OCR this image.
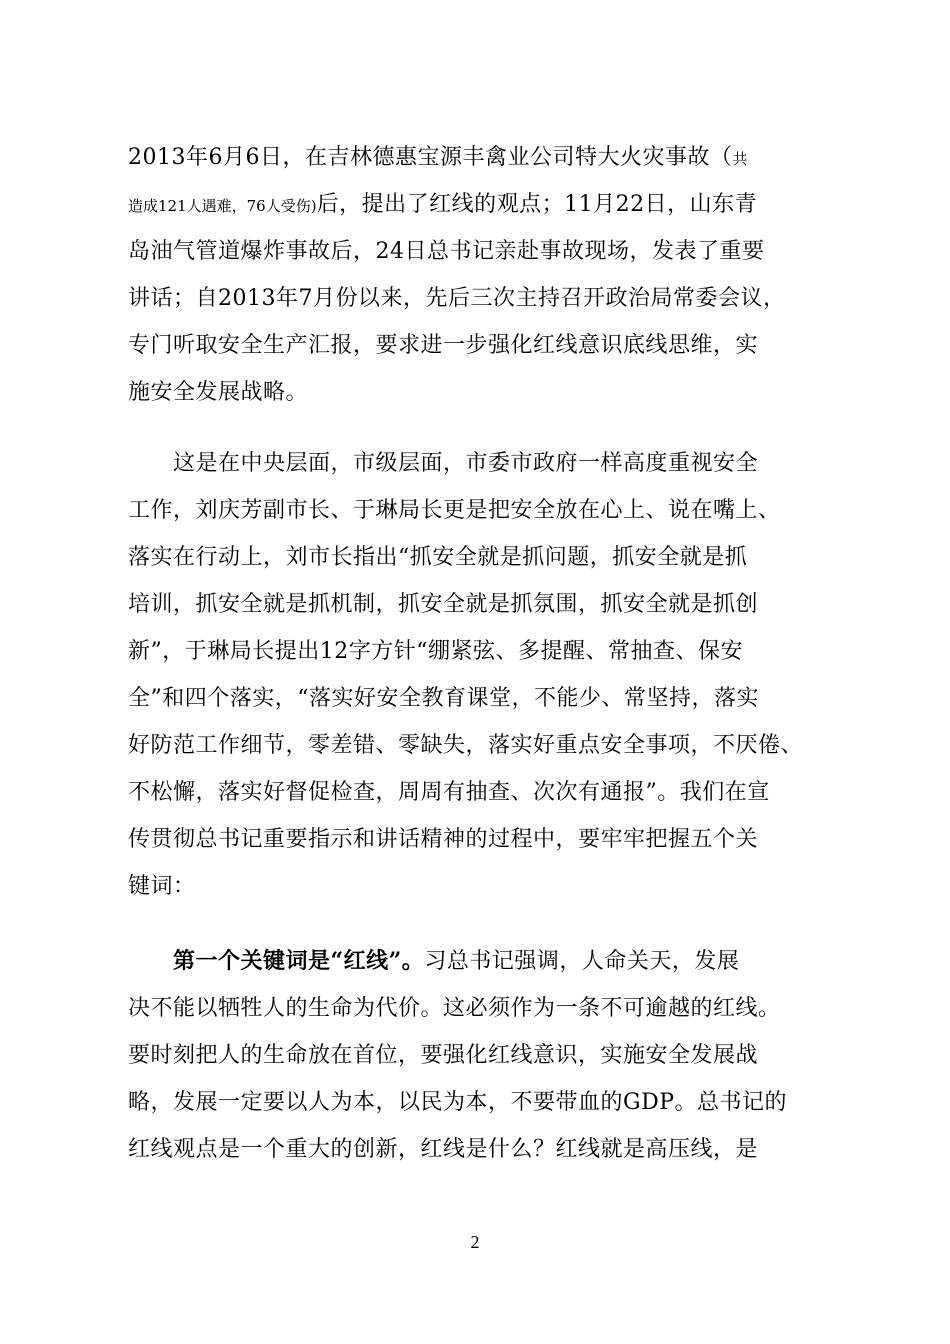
2013年6月6日，在吉林德惠宝源丰禽业公司特大火灾事故（共
造成121人遇难，76人受伤)后，提出了红线的观点；11月22日，山东青
岛油气管道爆炸事故后，24日总书记亲赴事故现场，发表了重要
讲话；自2013年7月份以来，先后三次主持召开政治局常委会议，
专门听取安全生产汇报，要求进一步强化红线意识底线思维，实
施安全发展战略。
　　这是在中央层面，市级层面，市委市政府一样高度重视安全
工作，刘庆芳副市长、于琳局长更是把安全放在心上、说在嘴上、
落实在行动上，刘市长指出“抓安全就是抓问题，抓安全就是抓
培训，抓安全就是抓机制，抓安全就是抓氛围，抓安全就是抓创
新”，于琳局长提出12字方针“绷紧弦、多提醒、常抽查、保安
全”和四个落实，“落实好安全教育课堂，不能少、常坚持，落实
好防范工作细节，零差错、零缺失，落实好重点安全事项，不厌倦、
不松懈，落实好督促检查，周周有抽查、次次有通报”。我们在宣
传贯彻总书记重要指示和讲话精神的过程中，要牢牢把握五个关
键词：
　　第一个关键词是“红线”。习总书记强调，人命关天，发展
决不能以牺牲人的生命为代价。这必须作为一条不可逾越的红线。
要时刻把人的生命放在首位，要强化红线意识，实施安全发展战
略，发展一定要以人为本，以民为本，不要带血的GDP。总书记的
红线观点是一个重大的创新，红线是什么？红线就是高压线，是
2
